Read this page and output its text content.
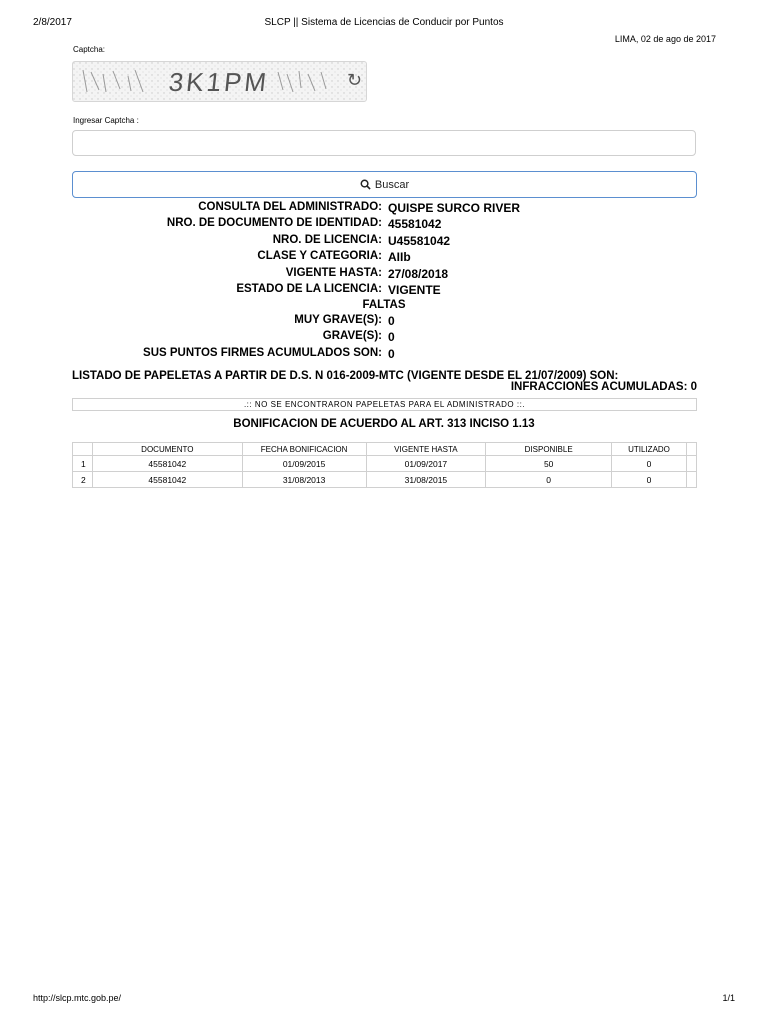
2/8/2017	SLCP || Sistema de Licencias de Conducir por Puntos
LIMA, 02 de ago de 2017
Captcha:
3K1PM	↻
Ingresar Captcha :
Buscar
CONSULTA DEL ADMINISTRADO: QUISPE SURCO RIVER
NRO. DE DOCUMENTO DE IDENTIDAD: 45581042
NRO. DE LICENCIA: U45581042
CLASE Y CATEGORIA: AIIb
VIGENTE HASTA: 27/08/2018
ESTADO DE LA LICENCIA: VIGENTE
FALTAS
MUY GRAVE(S): 0
GRAVE(S): 0
SUS PUNTOS FIRMES ACUMULADOS SON: 0
LISTADO DE PAPELETAS A PARTIR DE D.S. N 016-2009-MTC (VIGENTE DESDE EL 21/07/2009) SON:
INFRACCIONES ACUMULADAS: 0
.:: NO SE ENCONTRARON PAPELETAS PARA EL ADMINISTRADO ::.
BONIFICACION DE ACUERDO AL ART. 313 INCISO 1.13
	DOCUMENTO	FECHA BONIFICACION	VIGENTE HASTA	DISPONIBLE	UTILIZADO	
1	45581042	01/09/2015	01/09/2017	50	0	
2	45581042	31/08/2013	31/08/2015	0	0	
http://slcp.mtc.gob.pe/	1/1
